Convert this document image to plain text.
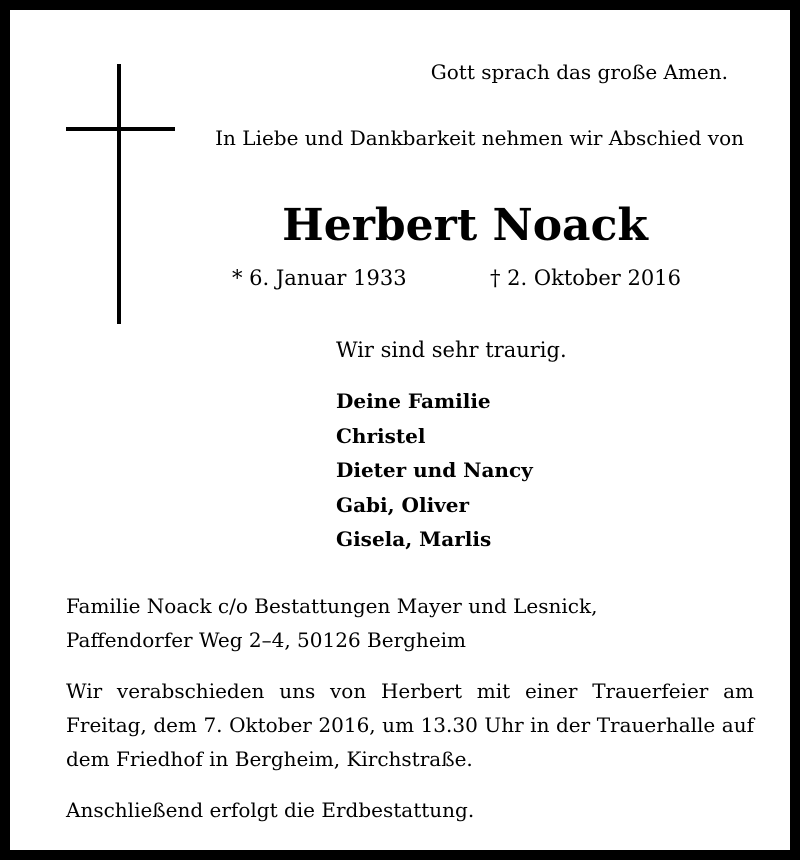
Gott sprach das große Amen.
In Liebe und Dankbarkeit nehmen wir Abschied von
Herbert Noack
* 6. Januar 1933	† 2. Oktober 2016
Wir sind sehr traurig.
Deine Familie
Christel
Dieter und Nancy
Gabi, Oliver
Gisela, Marlis
Familie Noack c/o Bestattungen Mayer und Lesnick,
Paffendorfer Weg 2–4, 50126 Bergheim
Wir verabschieden uns von Herbert mit einer Trauerfeier am Freitag, dem 7. Oktober 2016, um 13.30 Uhr in der Trauerhalle auf dem Friedhof in Bergheim, Kirchstraße.
Anschließend erfolgt die Erdbestattung.
